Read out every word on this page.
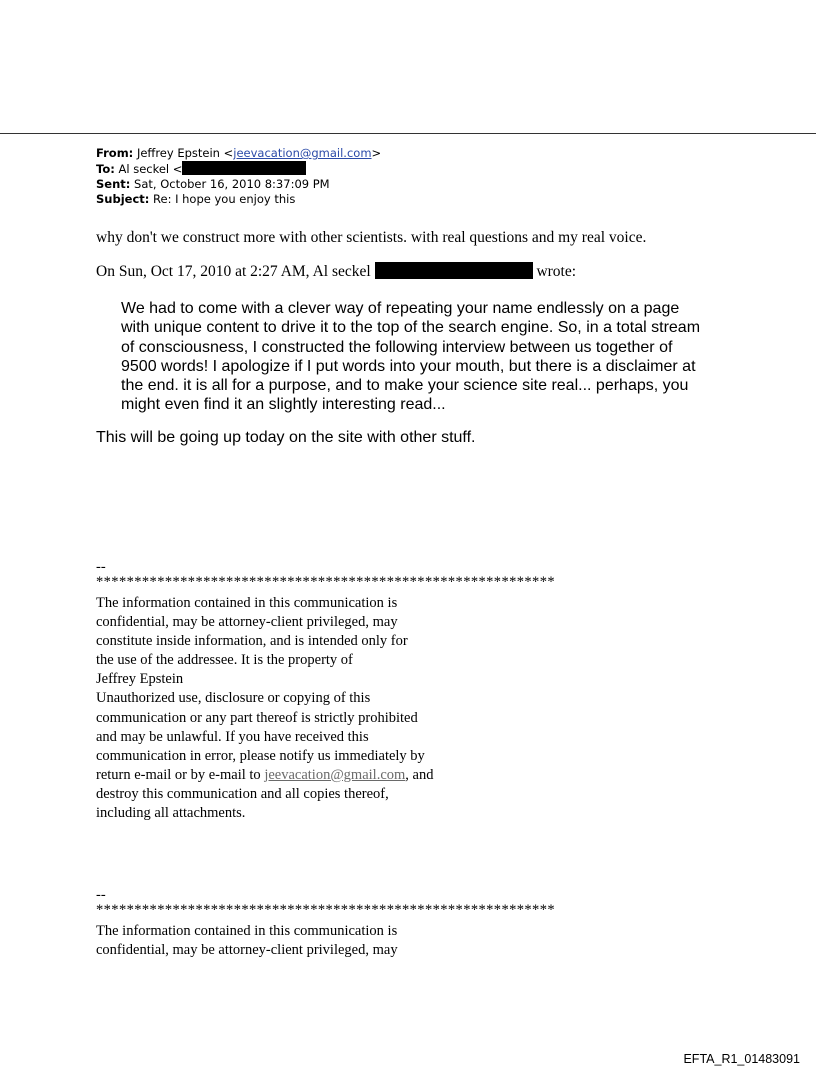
From: Jeffrey Epstein <jeevacation@gmail.com>
To: Al seckel <
Sent: Sat, October 16, 2010 8:37:09 PM
Subject: Re: I hope you enjoy this
why don't we construct more with other scientists. with real questions and my real voice.
On Sun, Oct 17, 2010 at 2:27 AM, Al seckel	wrote:
We had to come with a clever way of repeating your name endlessly on a page
with unique content to drive it to the top of the search engine. So, in a total stream
of consciousness, I constructed the following interview between us together of
9500 words! I apologize if I put words into your mouth, but there is a disclaimer at
the end. it is all for a purpose, and to make your science site real... perhaps, you
might even find it an slightly interesting read...
This will be going up today on the site with other stuff.
--
************************************************************
The information contained in this communication is
confidential, may be attorney-client privileged, may
constitute inside information, and is intended only for
the use of the addressee. It is the property of
Jeffrey Epstein
Unauthorized use, disclosure or copying of this
communication or any part thereof is strictly prohibited
and may be unlawful. If you have received this
communication in error, please notify us immediately by
return e-mail or by e-mail to jeevacation@gmail.com, and
destroy this communication and all copies thereof,
including all attachments.
--
************************************************************
The information contained in this communication is
confidential, may be attorney-client privileged, may
EFTA_R1_01483091
